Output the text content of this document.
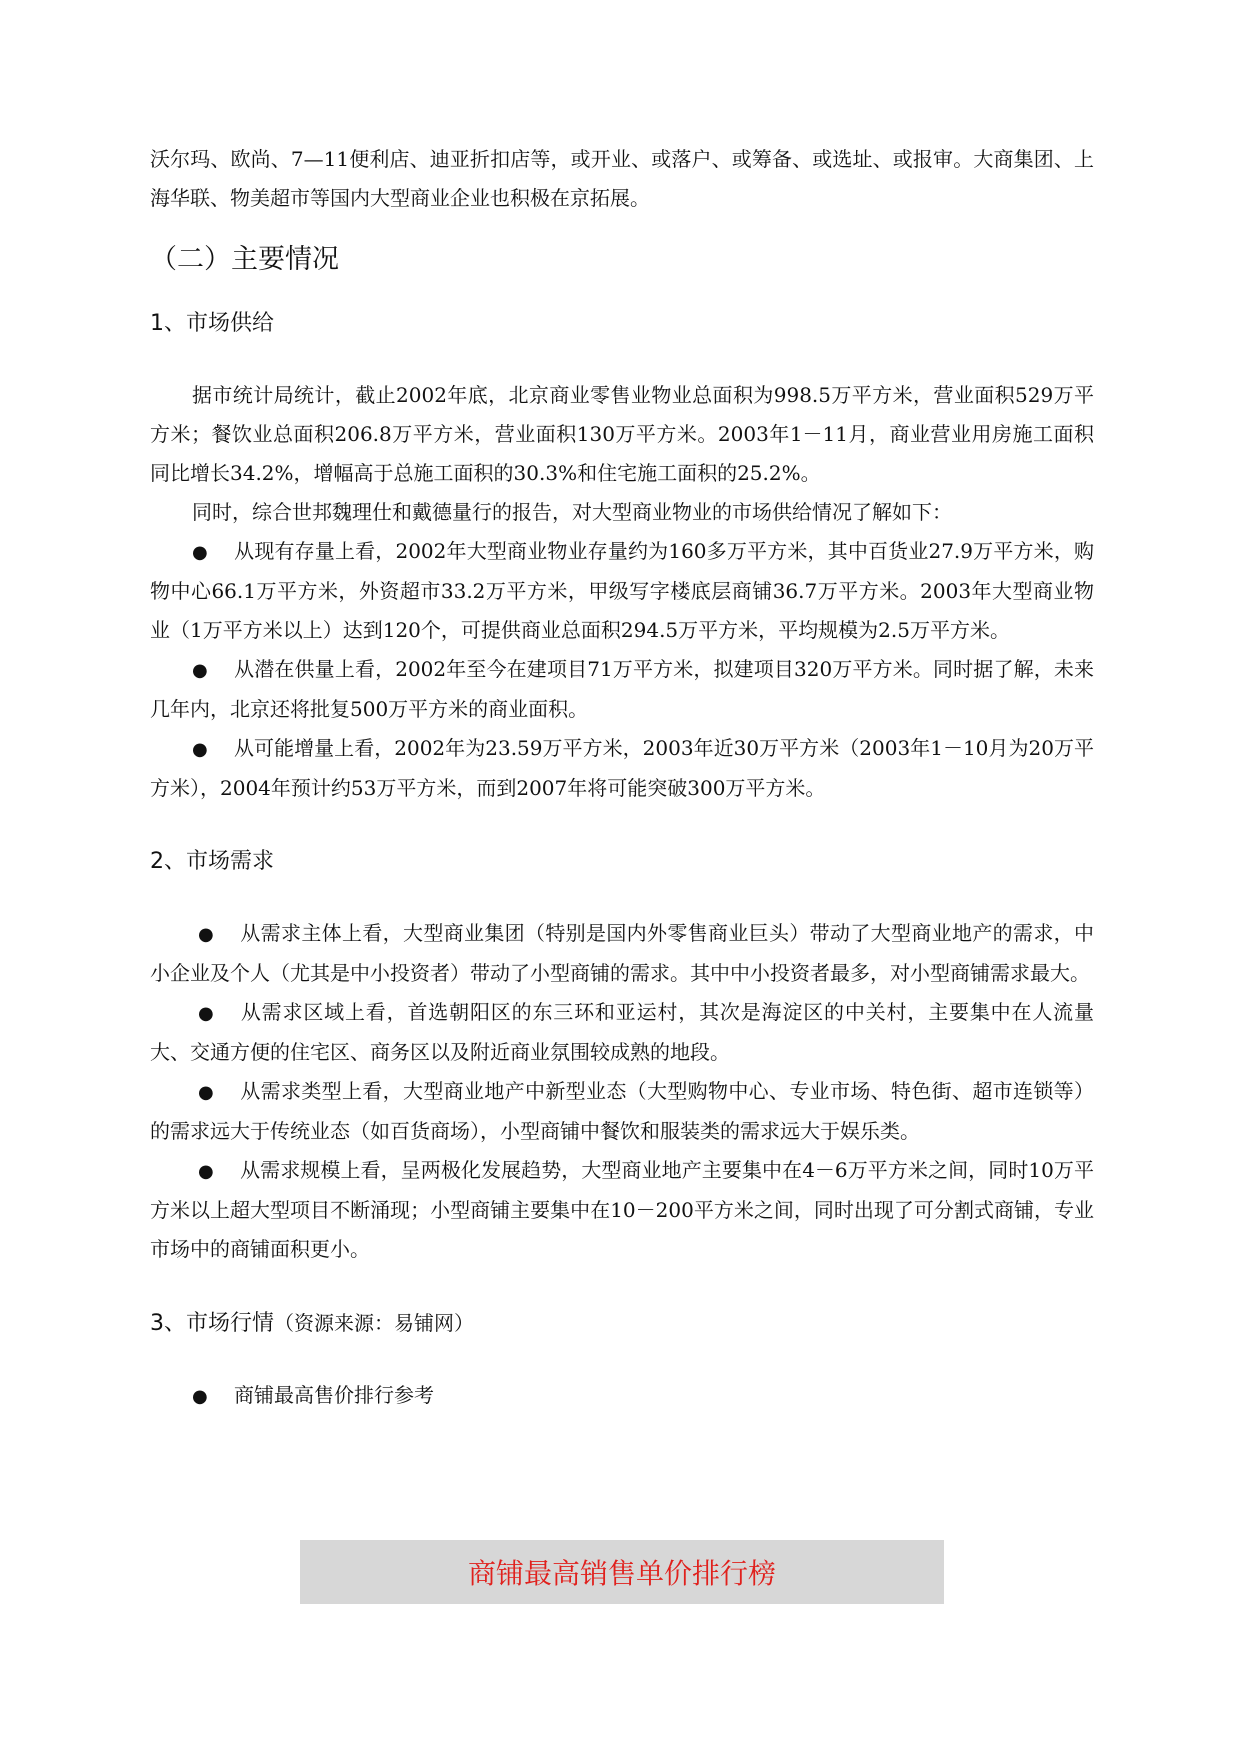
沃尔玛、欧尚、7—11便利店、迪亚折扣店等，或开业、或落户、或筹备、或选址、或报审。大商集团、上海华联、物美超市等国内大型商业企业也积极在京拓展。

（二）主要情况
1、市场供给

据市统计局统计，截止2002年底，北京商业零售业物业总面积为998.5万平方米，营业面积529万平方米；餐饮业总面积206.8万平方米，营业面积130万平方米。2003年1－11月，商业营业用房施工面积同比增长34.2%，增幅高于总施工面积的30.3%和住宅施工面积的25.2%。

同时，综合世邦魏理仕和戴德量行的报告，对大型商业物业的市场供给情况了解如下：

● 从现有存量上看，2002年大型商业物业存量约为160多万平方米，其中百货业27.9万平方米，购物中心66.1万平方米，外资超市33.2万平方米，甲级写字楼底层商铺36.7万平方米。2003年大型商业物业（1万平方米以上）达到120个，可提供商业总面积294.5万平方米，平均规模为2.5万平方米。

● 从潜在供量上看，2002年至今在建项目71万平方米，拟建项目320万平方米。同时据了解，未来几年内，北京还将批复500万平方米的商业面积。

● 从可能增量上看，2002年为23.59万平方米，2003年近30万平方米（2003年1－10月为20万平方米），2004年预计约53万平方米，而到2007年将可能突破300万平方米。

2、市场需求

● 从需求主体上看，大型商业集团（特别是国内外零售商业巨头）带动了大型商业地产的需求，中小企业及个人（尤其是中小投资者）带动了小型商铺的需求。其中中小投资者最多，对小型商铺需求最大。

● 从需求区域上看，首选朝阳区的东三环和亚运村，其次是海淀区的中关村，主要集中在人流量大、交通方便的住宅区、商务区以及附近商业氛围较成熟的地段。

● 从需求类型上看，大型商业地产中新型业态（大型购物中心、专业市场、特色街、超市连锁等）的需求远大于传统业态（如百货商场），小型商铺中餐饮和服装类的需求远大于娱乐类。

● 从需求规模上看，呈两极化发展趋势，大型商业地产主要集中在4－6万平方米之间，同时10万平方米以上超大型项目不断涌现；小型商铺主要集中在10－200平方米之间，同时出现了可分割式商铺，专业市场中的商铺面积更小。

3、市场行情（资源来源：易铺网）

● 商铺最高售价排行参考

商铺最高销售单价排行榜
